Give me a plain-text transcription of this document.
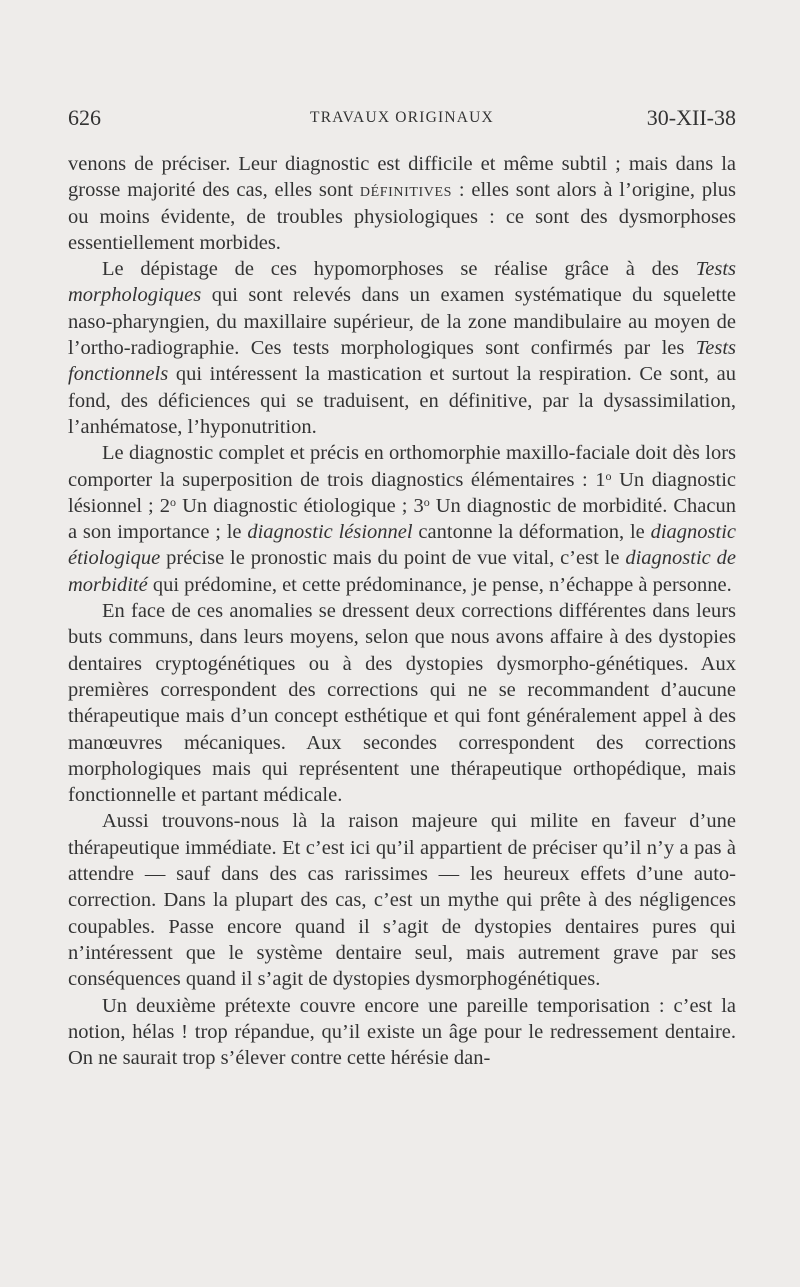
626	TRAVAUX ORIGINAUX	30-XII-38

venons de préciser. Leur diagnostic est difficile et même subtil ; mais dans la grosse majorité des cas, elles sont définitives : elles sont alors à l’origine, plus ou moins évidente, de troubles physiologiques : ce sont des dysmorphoses essentiellement morbides.

Le dépistage de ces hypomorphoses se réalise grâce à des Tests morphologiques qui sont relevés dans un examen systématique du squelette naso-pharyngien, du maxillaire supérieur, de la zone mandibulaire au moyen de l’ortho-radiographie. Ces tests morphologiques sont confirmés par les Tests fonctionnels qui intéressent la mastication et surtout la respiration. Ce sont, au fond, des déficiences qui se traduisent, en définitive, par la dysassimilation, l’anhématose, l’hyponutrition.

Le diagnostic complet et précis en orthomorphie maxillo-faciale doit dès lors comporter la superposition de trois diagnostics élémentaires : 1$^o$ Un diagnostic lésionnel ; 2$^o$ Un diagnostic étiologique ; 3$^o$ Un diagnostic de morbidité. Chacun a son importance ; le diagnostic lésionnel cantonne la déformation, le diagnostic étiologique précise le pronostic mais du point de vue vital, c’est le diagnostic de morbidité qui prédomine, et cette prédominance, je pense, n’échappe à personne.

En face de ces anomalies se dressent deux corrections différentes dans leurs buts communs, dans leurs moyens, selon que nous avons affaire à des dystopies dentaires cryptogénétiques ou à des dystopies dysmorpho-génétiques. Aux premières correspondent des corrections qui ne se recommandent d’aucune thérapeutique mais d’un concept esthétique et qui font généralement appel à des manœuvres mécaniques. Aux secondes correspondent des corrections morphologiques mais qui représentent une thérapeutique orthopédique, mais fonctionnelle et partant médicale.

Aussi trouvons-nous là la raison majeure qui milite en faveur d’une thérapeutique immédiate. Et c’est ici qu’il appartient de préciser qu’il n’y a pas à attendre — sauf dans des cas rarissimes — les heureux effets d’une auto-correction. Dans la plupart des cas, c’est un mythe qui prête à des négligences coupables. Passe encore quand il s’agit de dystopies dentaires pures qui n’intéressent que le système dentaire seul, mais autrement grave par ses conséquences quand il s’agit de dystopies dysmorphogénétiques.

Un deuxième prétexte couvre encore une pareille temporisation : c’est la notion, hélas ! trop répandue, qu’il existe un âge pour le redressement dentaire. On ne saurait trop s’élever contre cette hérésie dan-
